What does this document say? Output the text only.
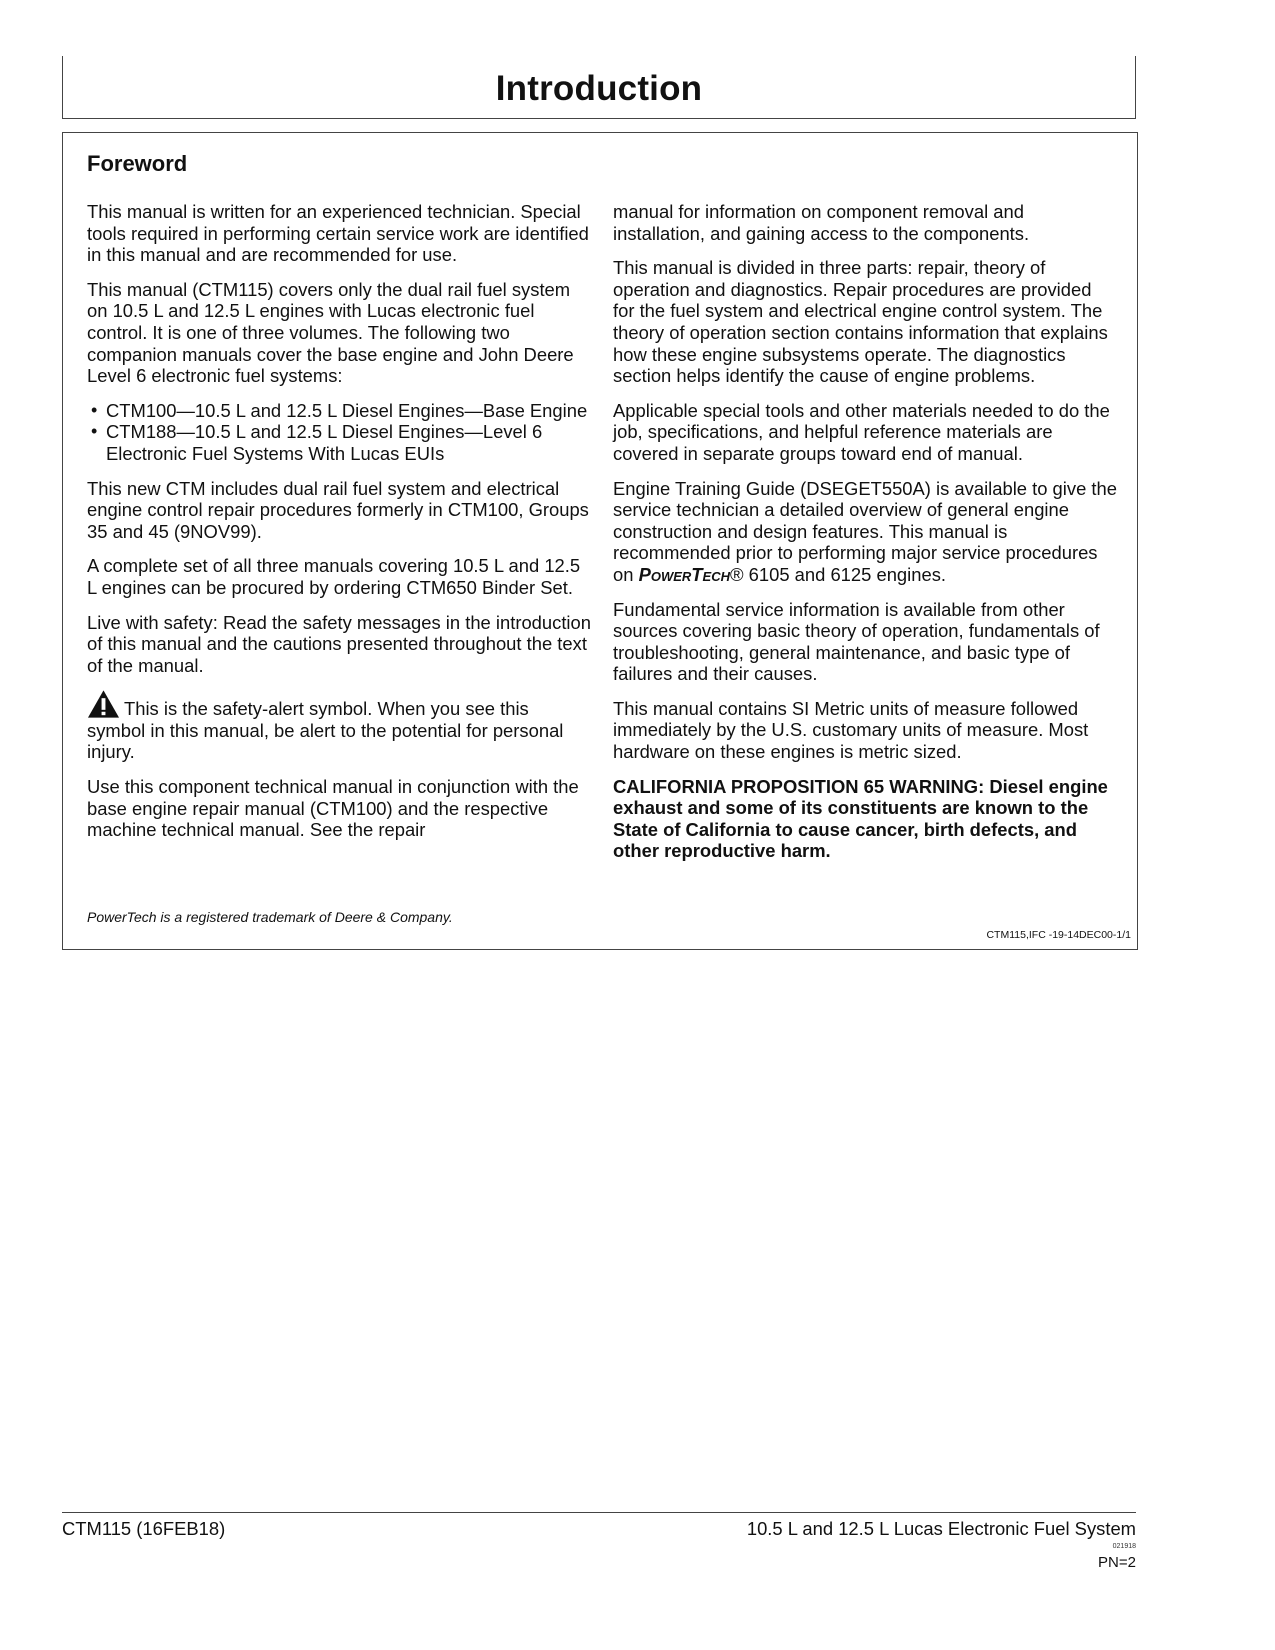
Introduction
Foreword

This manual is written for an experienced technician. Special tools required in performing certain service work are identified in this manual and are recommended for use.

This manual (CTM115) covers only the dual rail fuel system on 10.5 L and 12.5 L engines with Lucas electronic fuel control. It is one of three volumes. The following two companion manuals cover the base engine and John Deere Level 6 electronic fuel systems:

• CTM100—10.5 L and 12.5 L Diesel Engines—Base Engine
• CTM188—10.5 L and 12.5 L Diesel Engines—Level 6 Electronic Fuel Systems With Lucas EUIs

This new CTM includes dual rail fuel system and electrical engine control repair procedures formerly in CTM100, Groups 35 and 45 (9NOV99).

A complete set of all three manuals covering 10.5 L and 12.5 L engines can be procured by ordering CTM650 Binder Set.

Live with safety: Read the safety messages in the introduction of this manual and the cautions presented throughout the text of the manual.

This is the safety-alert symbol. When you see this symbol in this manual, be alert to the potential for personal injury.

Use this component technical manual in conjunction with the base engine repair manual (CTM100) and the respective machine technical manual. See the repair

manual for information on component removal and installation, and gaining access to the components.

This manual is divided in three parts: repair, theory of operation and diagnostics. Repair procedures are provided for the fuel system and electrical engine control system. The theory of operation section contains information that explains how these engine subsystems operate. The diagnostics section helps identify the cause of engine problems.

Applicable special tools and other materials needed to do the job, specifications, and helpful reference materials are covered in separate groups toward end of manual.

Engine Training Guide (DSEGET550A) is available to give the service technician a detailed overview of general engine construction and design features. This manual is recommended prior to performing major service procedures on PowerTech® 6105 and 6125 engines.

Fundamental service information is available from other sources covering basic theory of operation, fundamentals of troubleshooting, general maintenance, and basic type of failures and their causes.

This manual contains SI Metric units of measure followed immediately by the U.S. customary units of measure. Most hardware on these engines is metric sized.

CALIFORNIA PROPOSITION 65 WARNING: Diesel engine exhaust and some of its constituents are known to the State of California to cause cancer, birth defects, and other reproductive harm.

PowerTech is a registered trademark of Deere & Company.
CTM115,IFC -19-14DEC00-1/1
CTM115 (16FEB18)	10.5 L and 12.5 L Lucas Electronic Fuel System
021918
PN=2
